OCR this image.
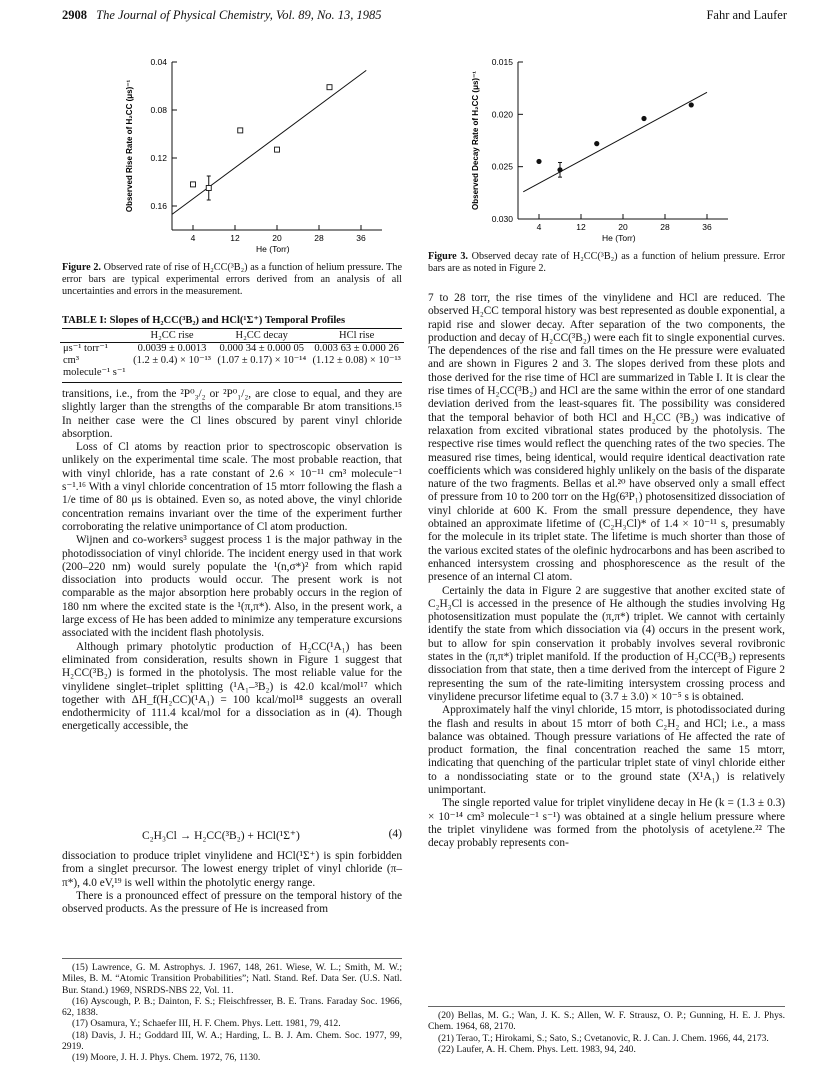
2908 The Journal of Physical Chemistry, Vol. 89, No. 13, 1985	Fahr and Laufer
0.16
0.12
0.08
0.04
4	12	20	28	36
He (Torr)
Observed Rise Rate of H₂CC (μs)⁻¹
Figure 2. Observed rate of rise of H₂CC(³B₂) as a function of helium pressure. The error bars are typical experimental errors derived from an analysis of all uncertainties and errors in the measurement.
0.030
0.025
0.020
0.015
4	12	20	28	36
He (Torr)
Observed Decay Rate of H₂CC (μs)⁻¹
Figure 3. Observed decay rate of H₂CC(³B₂) as a function of helium pressure. Error bars are as noted in Figure 2.
TABLE I: Slopes of H₂CC(³B₂) and HCl(¹Σ⁺) Temporal Profiles
	H₂CC rise	H₂CC decay	HCl rise
μs⁻¹ torr⁻¹	0.0039 ± 0.0013	0.000 34 ± 0.000 05	0.003 63 ± 0.000 26
cm³ molecule⁻¹ s⁻¹	(1.2 ± 0.4) × 10⁻¹³	(1.07 ± 0.17) × 10⁻¹⁴	(1.12 ± 0.08) × 10⁻¹³

transitions, i.e., from the ²P⁰₃/₂ or ²P⁰₁/₂, are close to equal, and they are slightly larger than the strengths of the comparable Br atom transitions.¹⁵ In neither case were the Cl lines obscured by parent vinyl chloride absorption.

Loss of Cl atoms by reaction prior to spectroscopic observation is unlikely on the experimental time scale. The most probable reaction, that with vinyl chloride, has a rate constant of 2.6 × 10⁻¹¹ cm³ molecule⁻¹ s⁻¹.¹⁶ With a vinyl chloride concentration of 15 mtorr following the flash a 1/e time of 80 μs is obtained. Even so, as noted above, the vinyl chloride concentration remains invariant over the time of the experiment further corroborating the relative unimportance of Cl atom production.

Wijnen and co-workers³ suggest process 1 is the major pathway in the photodissociation of vinyl chloride. The incident energy used in that work (200–220 nm) would surely populate the ¹(n,σ*)² from which rapid dissociation into products would occur. The present work is not comparable as the major absorption here probably occurs in the region of 180 nm where the excited state is the ¹(π,π*). Also, in the present work, a large excess of He has been added to minimize any temperature excursions associated with the incident flash photolysis.

Although primary photolytic production of H₂CC(¹A₁) has been eliminated from consideration, results shown in Figure 1 suggest that H₂CC(³B₂) is formed in the photolysis. The most reliable value for the vinylidene singlet–triplet splitting (¹A₁–³B₂) is 42.0 kcal/mol¹⁷ which together with ΔH_f(H₂CC)(¹A₁) = 100 kcal/mol¹⁸ suggests an overall endothermicity of 111.4 kcal/mol for a dissociation as in (4). Though energetically accessible, the

C₂H₃Cl → H₂CC(³B₂) + HCl(¹Σ⁺)	(4)

dissociation to produce triplet vinylidene and HCl(¹Σ⁺) is spin forbidden from a singlet precursor. The lowest energy triplet of vinyl chloride (π–π*), 4.0 eV,¹⁹ is well within the photolytic energy range.

There is a pronounced effect of pressure on the temporal history of the observed products. As the pressure of He is increased from

(15) Lawrence, G. M. Astrophys. J. 1967, 148, 261. Wiese, W. L.; Smith, M. W.; Miles, B. M. “Atomic Transition Probabilities”; Natl. Stand. Ref. Data Ser. (U.S. Natl. Bur. Stand.) 1969, NSRDS-NBS 22, Vol. 11.
(16) Ayscough, P. B.; Dainton, F. S.; Fleischfresser, B. E. Trans. Faraday Soc. 1966, 62, 1838.
(17) Osamura, Y.; Schaefer III, H. F. Chem. Phys. Lett. 1981, 79, 412.
(18) Davis, J. H.; Goddard III, W. A.; Harding, L. B. J. Am. Chem. Soc. 1977, 99, 2919.
(19) Moore, J. H. J. Phys. Chem. 1972, 76, 1130.

7 to 28 torr, the rise times of the vinylidene and HCl are reduced. The observed H₂CC temporal history was best represented as double exponential, a rapid rise and slower decay. After separation of the two components, the production and decay of H₂CC(³B₂) were each fit to single exponential curves. The dependences of the rise and fall times on the He pressure were evaluated and are shown in Figures 2 and 3. The slopes derived from these plots and those derived for the rise time of HCl are summarized in Table I. It is clear the rise times of H₂CC(³B₂) and HCl are the same within the error of one standard deviation derived from the least-squares fit. The possibility was considered that the temporal behavior of both HCl and H₂CC (³B₂) was indicative of relaxation from excited vibrational states produced by the photolysis. The respective rise times would reflect the quenching rates of the two species. The measured rise times, being identical, would require identical deactivation rate coefficients which was considered highly unlikely on the basis of the disparate nature of the two fragments. Bellas et al.²⁰ have observed only a small effect of pressure from 10 to 200 torr on the Hg(6³P₁) photosensitized dissociation of vinyl chloride at 600 K. From the small pressure dependence, they have obtained an approximate lifetime of (C₂H₃Cl)* of 1.4 × 10⁻¹¹ s, presumably for the molecule in its triplet state. The lifetime is much shorter than those of the various excited states of the olefinic hydrocarbons and has been ascribed to enhanced intersystem crossing and phosphorescence as the result of the presence of an internal Cl atom.

Certainly the data in Figure 2 are suggestive that another excited state of C₂H₃Cl is accessed in the presence of He although the studies involving Hg photosensitization must populate the (π,π*) triplet. We cannot with certainly identify the state from which dissociation via (4) occurs in the present work, but to allow for spin conservation it probably involves several rovibronic states in the (π,π*) triplet manifold. If the production of H₂CC(³B₂) represents dissociation from that state, then a time derived from the intercept of Figure 2 representing the sum of the rate-limiting intersystem crossing process and vinylidene precursor lifetime equal to (3.7 ± 3.0) × 10⁻⁵ s is obtained.

Approximately half the vinyl chloride, 15 mtorr, is photodissociated during the flash and results in about 15 mtorr of both C₂H₂ and HCl; i.e., a mass balance was obtained. Though pressure variations of He affected the rate of product formation, the final concentration reached the same 15 mtorr, indicating that quenching of the particular triplet state of vinyl chloride either to a nondissociating state or to the ground state (X¹A₁) is relatively unimportant.

The single reported value for triplet vinylidene decay in He (k = (1.3 ± 0.3) × 10⁻¹⁴ cm³ molecule⁻¹ s⁻¹) was obtained at a single helium pressure where the triplet vinylidene was formed from the photolysis of acetylene.²² The decay probably represents con-

(20) Bellas, M. G.; Wan, J. K. S.; Allen, W. F. Strausz, O. P.; Gunning, H. E. J. Phys. Chem. 1964, 68, 2170.
(21) Terao, T.; Hirokami, S.; Sato, S.; Cvetanovic, R. J. Can. J. Chem. 1966, 44, 2173.
(22) Laufer, A. H. Chem. Phys. Lett. 1983, 94, 240.
